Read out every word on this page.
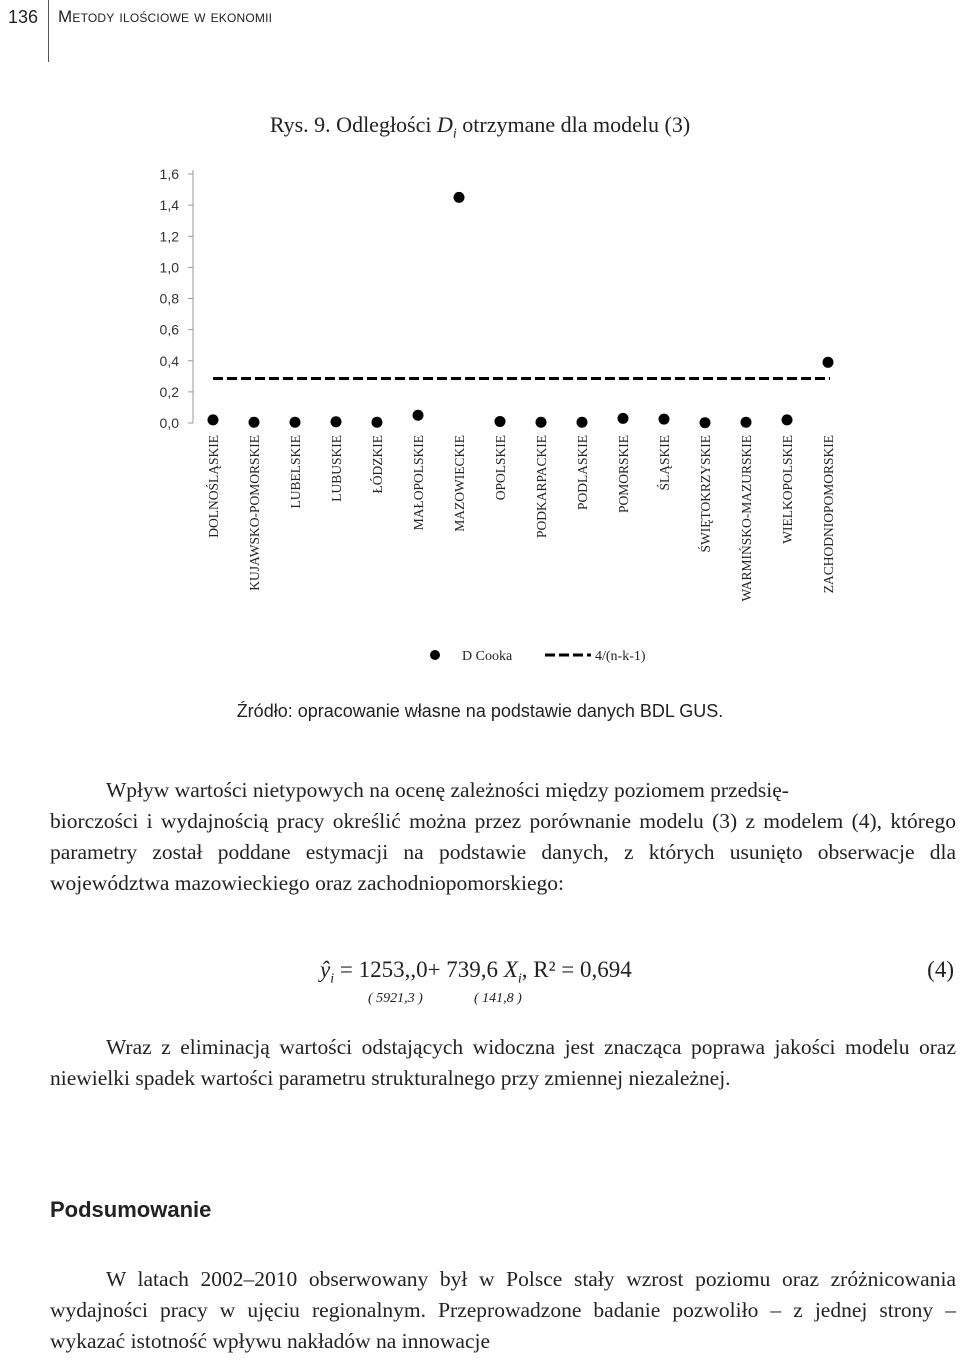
136 Metody ilościowe w ekonomii
Rys. 9. Odległości $D_i$ otrzymane dla modelu (3)
0,0
0,2
0,4
0,6
0,8
1,0
1,2
1,4
1,6
DOLNOŚLĄSKIE KUJAWSKO-POMORSKIE LUBELSKIE LUBUSKIE ŁÓDZKIE MAŁOPOLSKIE MAZOWIECKIE OPOLSKIE PODKARPACKIE PODLASKIE POMORSKIE ŚLĄSKIE ŚWIĘTOKRZYSKIE WARMIŃSKO-MAZURSKIE WIELKOPOLSKIE ZACHODNIOPOMORSKIE
D Cooka	4/(n-k-1)
Źródło: opracowanie własne na podstawie danych BDL GUS.
Wpływ wartości nietypowych na ocenę zależności między poziomem przedsię-
biorczości i wydajnością pracy określić można przez porównanie modelu (3) z modelem (4), którego parametry został poddane estymacji na podstawie danych, z których usunięto obserwacje dla województwa mazowieckiego oraz zachodniopomorskiego:
$ŷ_i = 1253,,0+ 739,6$ $X_i$, R² = 0,694
( 5921,3 )	( 141,8 )
(4)
Wraz z eliminacją wartości odstających widoczna jest znacząca poprawa jakości modelu oraz niewielki spadek wartości parametru strukturalnego przy zmiennej niezależnej.
Podsumowanie
W latach 2002–2010 obserwowany był w Polsce stały wzrost poziomu oraz zróżnicowania wydajności pracy w ujęciu regionalnym. Przeprowadzone badanie pozwoliło – z jednej strony – wykazać istotność wpływu nakładów na innowacje
